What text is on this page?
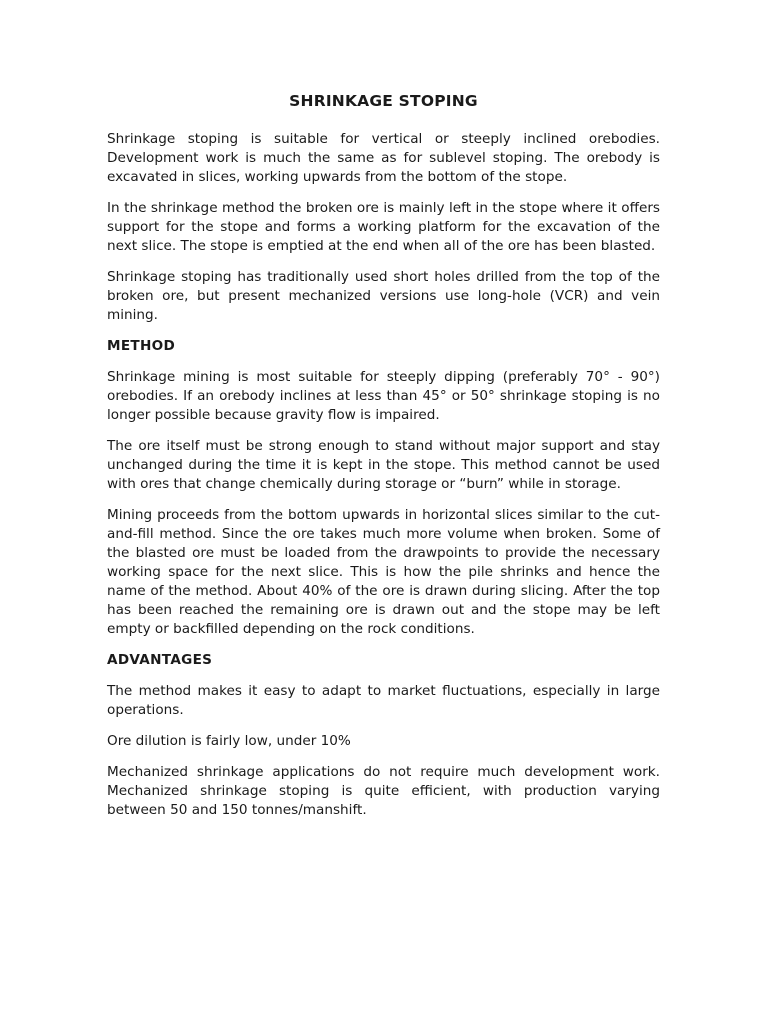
SHRINKAGE STOPING

Shrinkage stoping is suitable for vertical or steeply inclined orebodies. Development work is much the same as for sublevel stoping. The orebody is excavated in slices, working upwards from the bottom of the stope.

In the shrinkage method the broken ore is mainly left in the stope where it offers support for the stope and forms a working platform for the excavation of the next slice. The stope is emptied at the end when all of the ore has been blasted.

Shrinkage stoping has traditionally used short holes drilled from the top of the broken ore, but present mechanized versions use long-hole (VCR) and vein mining.

METHOD

Shrinkage mining is most suitable for steeply dipping (preferably 70° - 90°) orebodies. If an orebody inclines at less than 45° or 50° shrinkage stoping is no longer possible because gravity flow is impaired.

The ore itself must be strong enough to stand without major support and stay unchanged during the time it is kept in the stope. This method cannot be used with ores that change chemically during storage or “burn” while in storage.

Mining proceeds from the bottom upwards in horizontal slices similar to the cut-and-fill method. Since the ore takes much more volume when broken. Some of the blasted ore must be loaded from the drawpoints to provide the necessary working space for the next slice. This is how the pile shrinks and hence the name of the method. About 40% of the ore is drawn during slicing. After the top has been reached the remaining ore is drawn out and the stope may be left empty or backfilled depending on the rock conditions.

ADVANTAGES

The method makes it easy to adapt to market fluctuations, especially in large operations.

Ore dilution is fairly low, under 10%

Mechanized shrinkage applications do not require much development work. Mechanized shrinkage stoping is quite efficient, with production varying between 50 and 150 tonnes/manshift.
